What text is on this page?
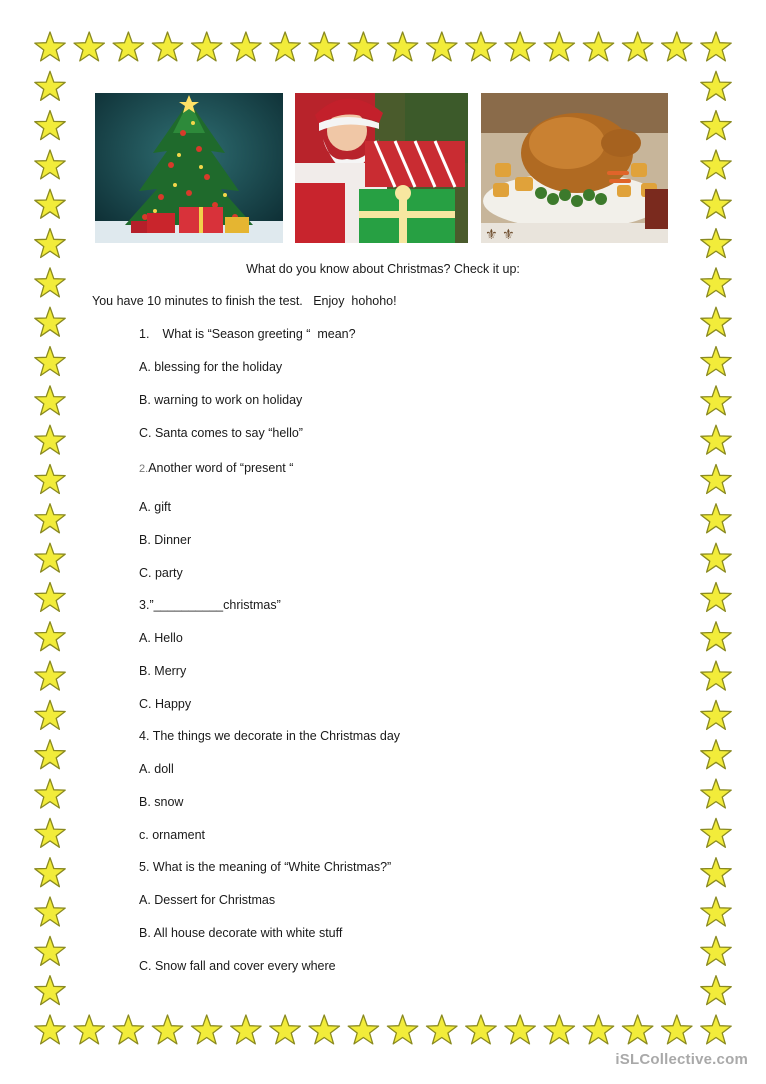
⚜ ⚜
What do you know about Christmas? Check it up:
You have 10 minutes to finish the test.   Enjoy  hohoho!
1. What is “Season greeting “  mean?
A. blessing for the holiday
B. warning to work on holiday
C. Santa comes to say “hello”
2.Another word of “present “
A. gift
B. Dinner
C. party
3.”__________christmas”
A. Hello
B. Merry
C. Happy
4. The things we decorate in the Christmas day
A. doll
B. snow
c. ornament
5. What is the meaning of “White Christmas?”
A. Dessert for Christmas
B. All house decorate with white stuff
C. Snow fall and cover every where
iSLCollective.com
